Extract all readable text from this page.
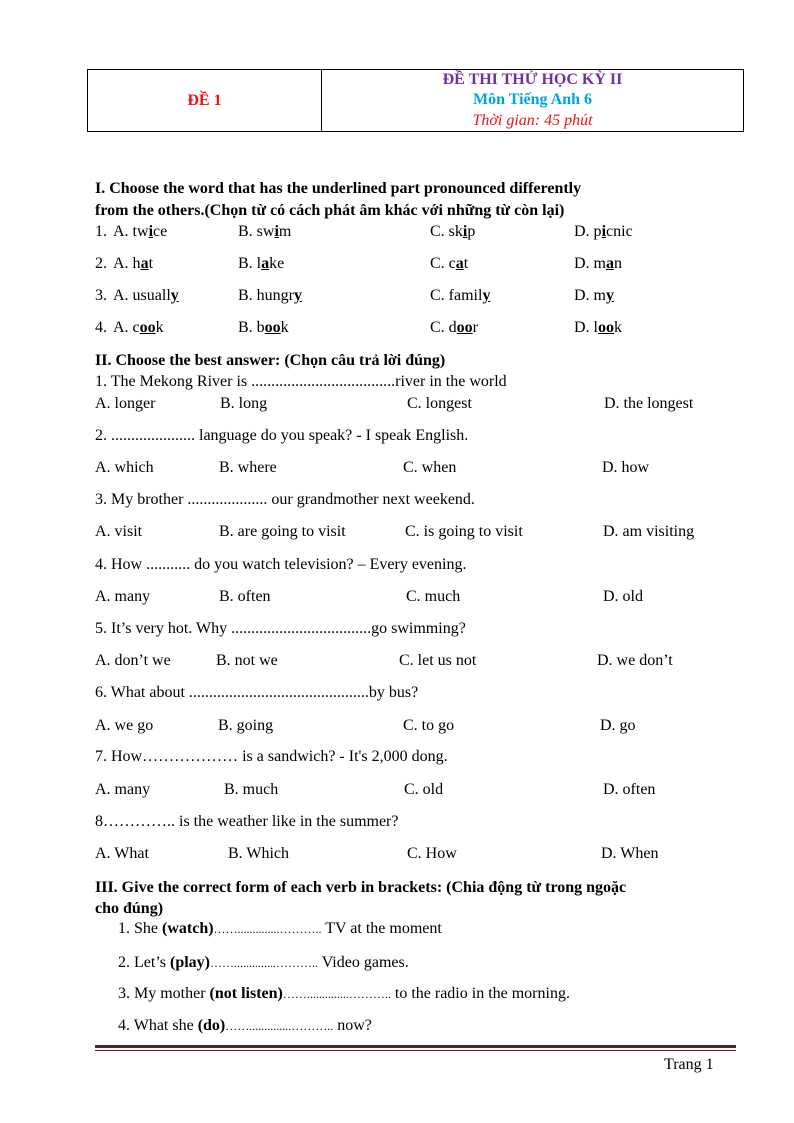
ĐỀ 1	
ĐỀ THI THỬ HỌC KỲ II
Môn Tiếng Anh 6
Thời gian: 45 phút
I. Choose the word that has the underlined part pronounced differently
from the others.(Chọn từ có cách phát âm khác với những từ còn lại)
1. A. twice	B. swim	C. skip	D. picnic
2. A. hat	B. lake	C. cat	D. man
3. A. usually	B. hungry	C. family	D. my
4. A. cook	B. book	C. door	D. look
II. Choose the best answer: (Chọn câu trả lời đúng)
1. The Mekong River is ....................................river in the world
A. longer	B. long	C. longest	D. the longest
2. ..................... language do you speak? - I speak English.
A. which	B. where	C. when	D. how
3. My brother .................... our grandmother next weekend.
A. visit	B. are going to visit	C. is going to visit	D. am visiting
4. How ........... do you watch television? – Every evening.
A. many	B. often	C. much	D. old
5. It’s very hot. Why ...................................go swimming?
A. don’t we	B. not we	C. let us not	D. we don’t
6. What about .............................................by bus?
A. we go	B. going	C. to go	D. go
7. How……………… is a sandwich? - It's 2,000 dong.
A. many	B. much	C. old	D. often
8………….. is the weather like in the summer?
A. What	B. Which	C. How	D. When
III. Give the correct form of each verb in brackets: (Chia động từ trong ngoặc
cho đúng)
1. She (watch)……..............……….. TV at the moment
2. Let’s (play)……..............……….. Video games.
3. My mother (not listen)……..............……….. to the radio in the morning.
4. What she (do)……..............……….. now?
Trang 1
